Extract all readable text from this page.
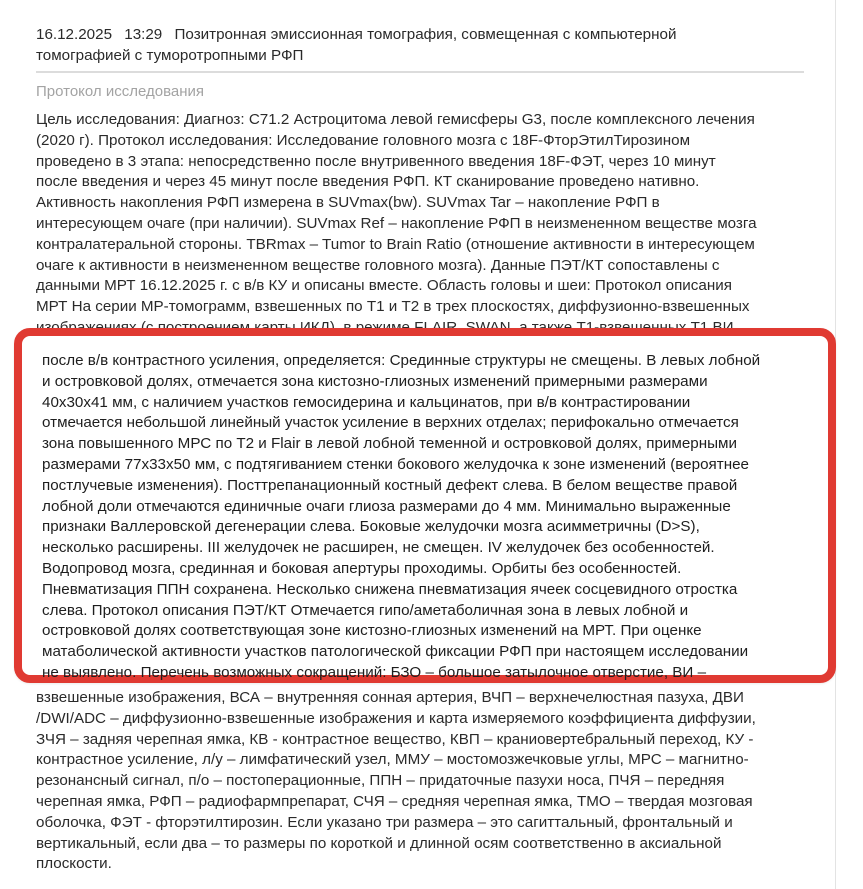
16.12.2025 13:29 Позитронная эмиссионная томография, совмещенная с компьютерной
томографией с туморотропными РФП
Протокол исследования
Цель исследования: Диагноз: С71.2 Астроцитома левой гемисферы G3, после комплексного лечения
(2020 г). Протокол исследования: Исследование головного мозга с 18F-ФторЭтилТирозином
проведено в 3 этапа: непосредственно после внутривенного введения 18F-ФЭТ, через 10 минут
после введения и через 45 минут после введения РФП. КТ сканирование проведено нативно.
Активность накопления РФП измерена в SUVmax(bw). SUVmax Tar – накопление РФП в
интересующем очаге (при наличии). SUVmax Ref – накопление РФП в неизмененном веществе мозга
контралатеральной стороны. TBRmax – Tumor to Brain Ratio (отношение активности в интересующем
очаге к активности в неизмененном веществе головного мозга). Данные ПЭТ/КТ сопоставлены с
данными МРТ 16.12.2025 г. с в/в КУ и описаны вместе. Область головы и шеи: Протокол описания
МРТ На серии МР-томограмм, взвешенных по Т1 и Т2 в трех плоскостях, диффузионно-взвешенных
взвешенные изображения, ВСА – внутренняя сонная артерия, ВЧП – верхнечелюстная пазуха, ДВИ
/DWI/ADC – диффузионно-взвешенные изображения и карта измеряемого коэффициента диффузии,
ЗЧЯ – задняя черепная ямка, КВ - контрастное вещество, КВП – краниовертебральный переход, КУ -
контрастное усиление, л/у – лимфатический узел, ММУ – мостомозжечковые углы, МРС – магнитно-
резонансный сигнал, п/о – постоперационные, ППН – придаточные пазухи носа, ПЧЯ – передняя
черепная ямка, РФП – радиофармпрепарат, СЧЯ – средняя черепная ямка, ТМО – твердая мозговая
оболочка, ФЭТ - фторэтилтирозин. Если указано три размера – это сагиттальный, фронтальный и
вертикальный, если два – то размеры по короткой и длинной осям соответственно в аксиальной
плоскости.
после в/в контрастного усиления, определяется: Срединные структуры не смещены. В левых лобной
и островковой долях, отмечается зона кистозно-глиозных изменений примерными размерами
40х30х41 мм, с наличием участков гемосидерина и кальцинатов, при в/в контрастировании
отмечается небольшой линейный участок усиление в верхних отделах; перифокально отмечается
зона повышенного МРС по Т2 и Flair в левой лобной теменной и островковой долях, примерными
размерами 77х33х50 мм, с подтягиванием стенки бокового желудочка к зоне изменений (вероятнее
постлучевые изменения). Посттрепанационный костный дефект слева. В белом веществе правой
лобной доли отмечаются единичные очаги глиоза размерами до 4 мм. Минимально выраженные
признаки Валлеровской дегенерации слева. Боковые желудочки мозга асимметричны (D>S),
несколько расширены. III желудочек не расширен, не смещен. IV желудочек без особенностей.
Водопровод мозга, срединная и боковая апертуры проходимы. Орбиты без особенностей.
Пневматизация ППН сохранена. Несколько снижена пневматизация ячеек сосцевидного отростка
слева. Протокол описания ПЭТ/КТ Отмечается гипо/аметаболичная зона в левых лобной и
островковой долях соответствующая зоне кистозно-глиозных изменений на МРТ. При оценке
матаболической активности участков патологической фиксации РФП при настоящем исследовании
не выявлено. Перечень возможных сокращений: БЗО – большое затылочное отверстие, ВИ –
